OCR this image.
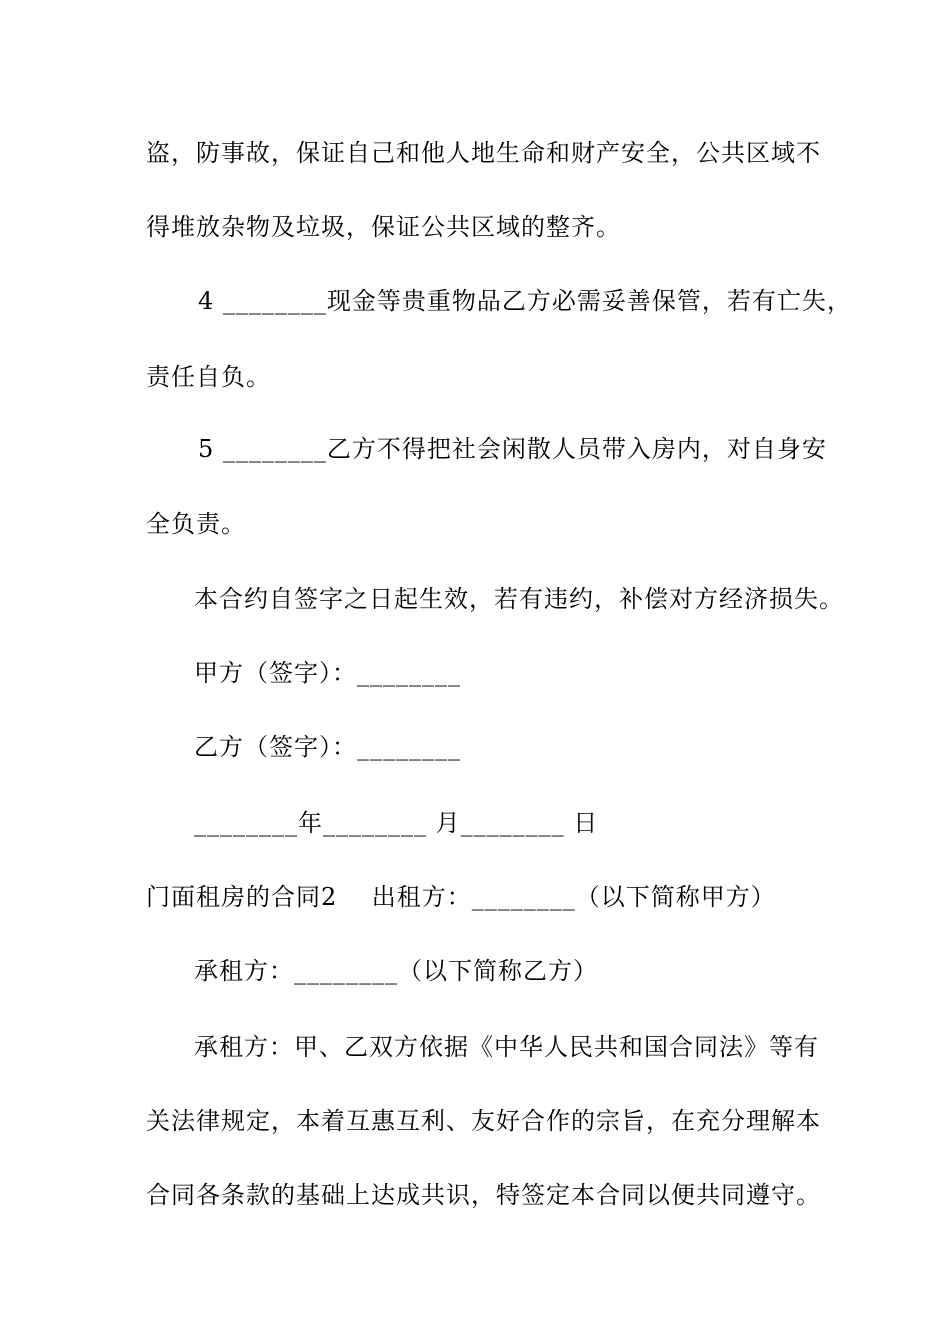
盗，防事故，保证自己和他人地生命和财产安全，公共区域不

得堆放杂物及垃圾，保证公共区域的整齐。

4 ________现金等贵重物品乙方必需妥善保管，若有亡失，

责任自负。

5 ________乙方不得把社会闲散人员带入房内，对自身安

全负责。

本合约自签字之日起生效，若有违约，补偿对方经济损失。

甲方（签字）：________

乙方（签字）：________

________年________ 月________ 日

门面租房的合同2    出租方：________（以下简称甲方）

承租方：________（以下简称乙方）

承租方：甲、乙双方依据《中华人民共和国合同法》等有

关法律规定，本着互惠互利、友好合作的宗旨，在充分理解本

合同各条款的基础上达成共识，特签定本合同以便共同遵守。
